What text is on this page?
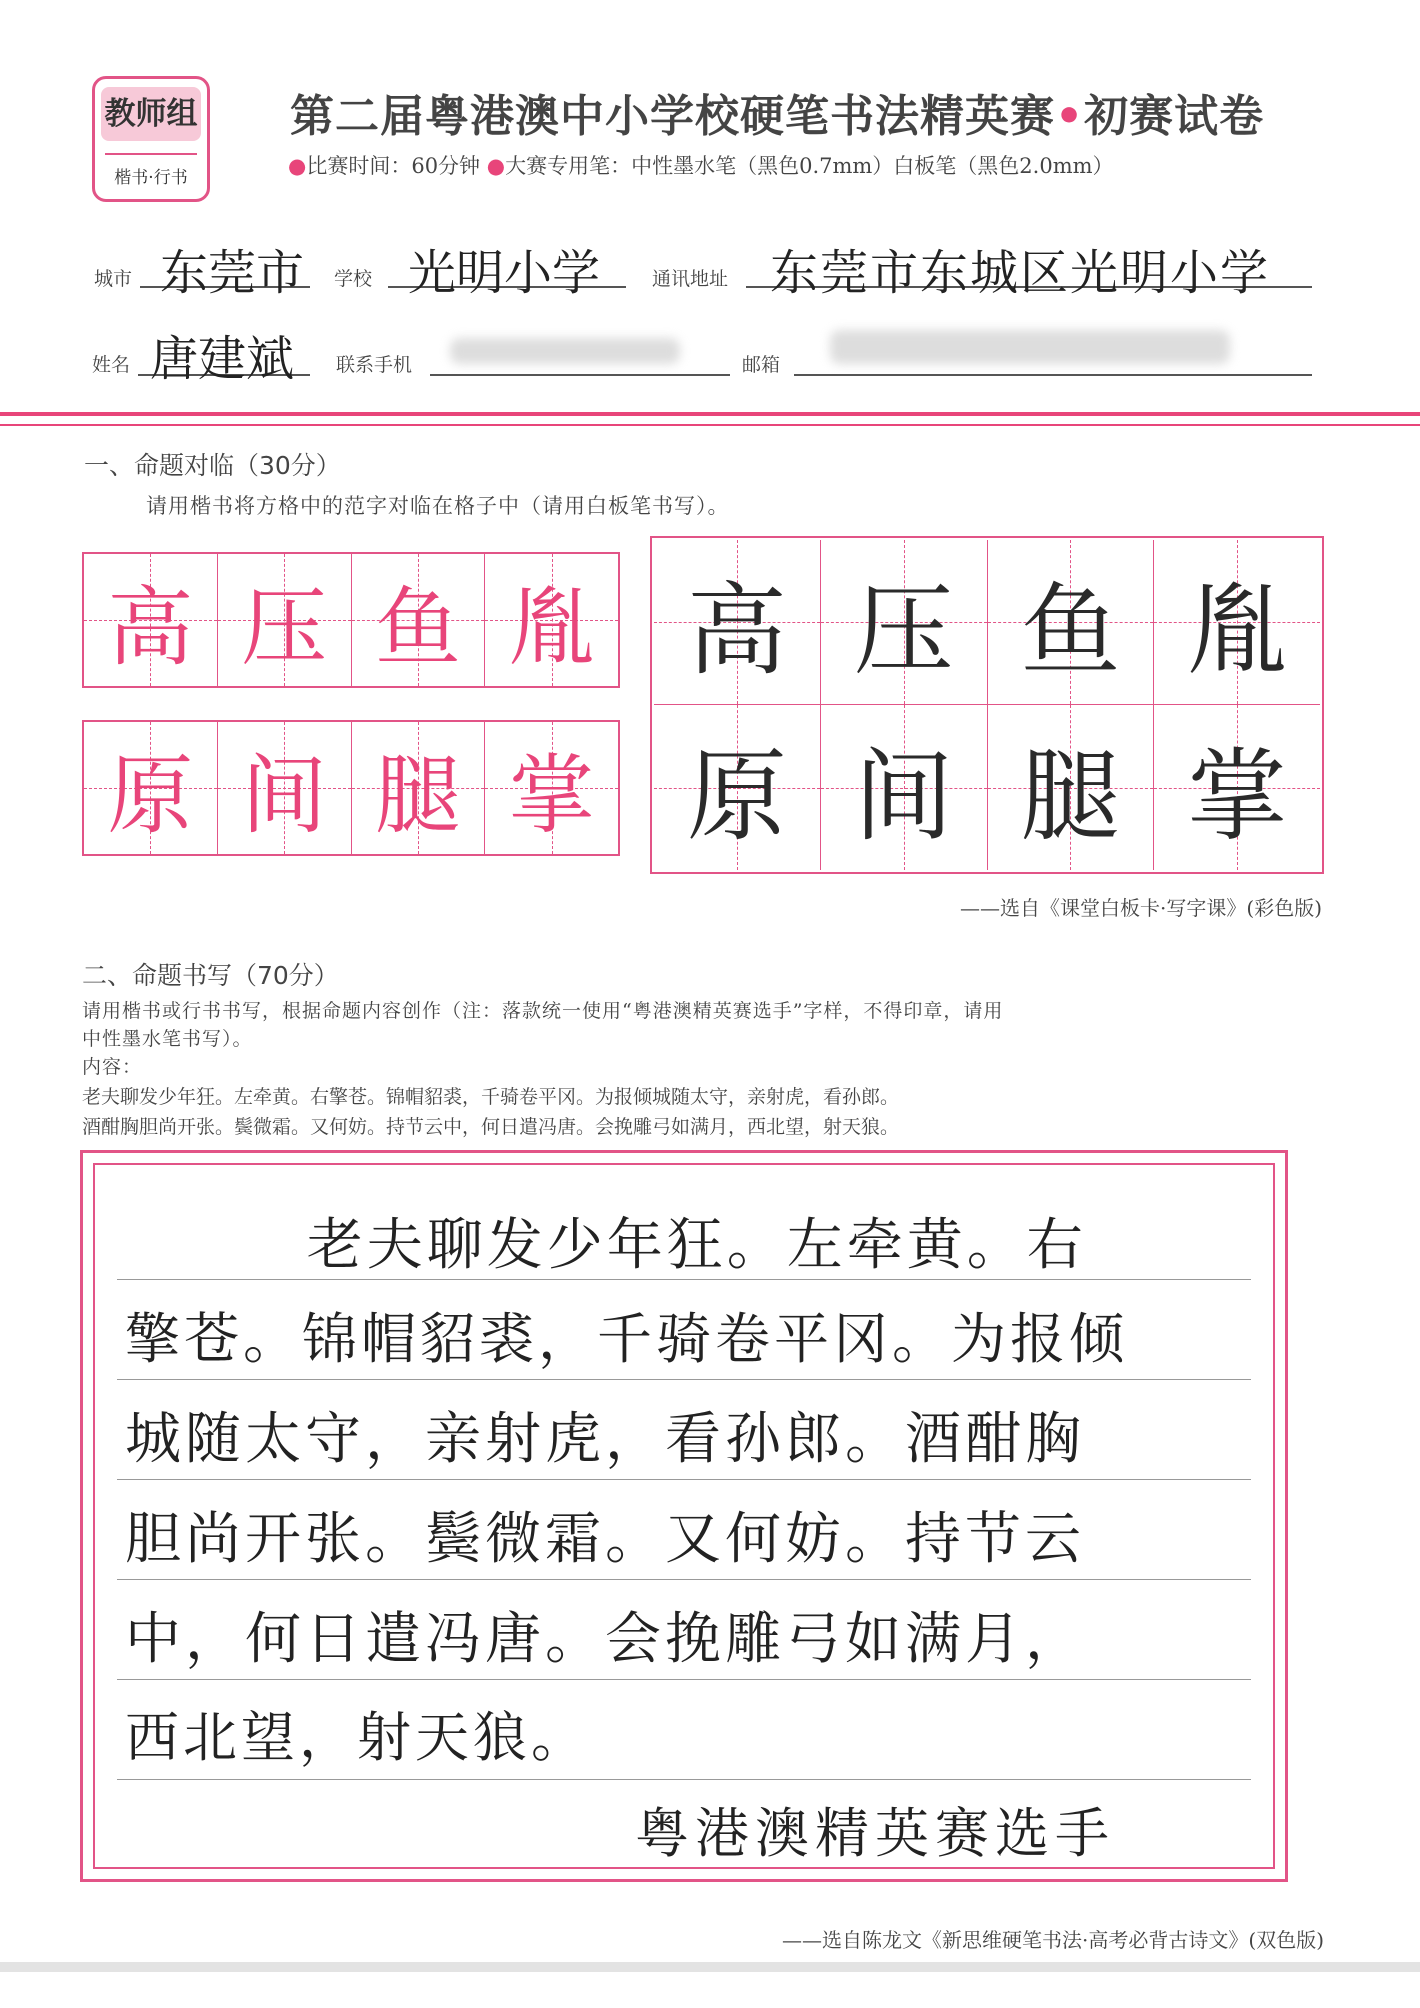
教师组
楷书·行书
第二届粤港澳中小学校硬笔书法精英赛•初赛试卷
●比赛时间：60分钟 ●大赛专用笔：中性墨水笔（黑色0.7mm）白板笔（黑色2.0mm）
城市 东莞市 学校 光明小学	通讯地址 东莞市东城区光明小学
姓名 唐建斌 联系手机	邮箱
一、命题对临（30分）
请用楷书将方格中的范字对临在格子中（请用白板笔书写）。
高 压 鱼 胤
原 间 腿 掌
高 压 鱼 胤
原 间 腿 掌
——选自《课堂白板卡·写字课》(彩色版)
二、命题书写（70分）
请用楷书或行书书写，根据命题内容创作（注：落款统一使用“粤港澳精英赛选手”字样，不得印章，请用
中性墨水笔书写）。
内容：
老夫聊发少年狂。左牵黄。右擎苍。锦帽貂裘，千骑卷平冈。为报倾城随太守，亲射虎，看孙郎。
酒酣胸胆尚开张。鬓微霜。又何妨。持节云中，何日遣冯唐。会挽雕弓如满月，西北望，射天狼。
　 老夫聊发少年狂。左牵黄。右
擎苍。锦帽貂裘，千骑卷平冈。为报倾
城随太守，亲射虎，看孙郎。酒酣胸
胆尚开张。鬓微霜。又何妨。持节云
中，何日遣冯唐。会挽雕弓如满月，
西北望，射天狼。
粤港澳精英赛选手
——选自陈龙文《新思维硬笔书法·高考必背古诗文》(双色版)
